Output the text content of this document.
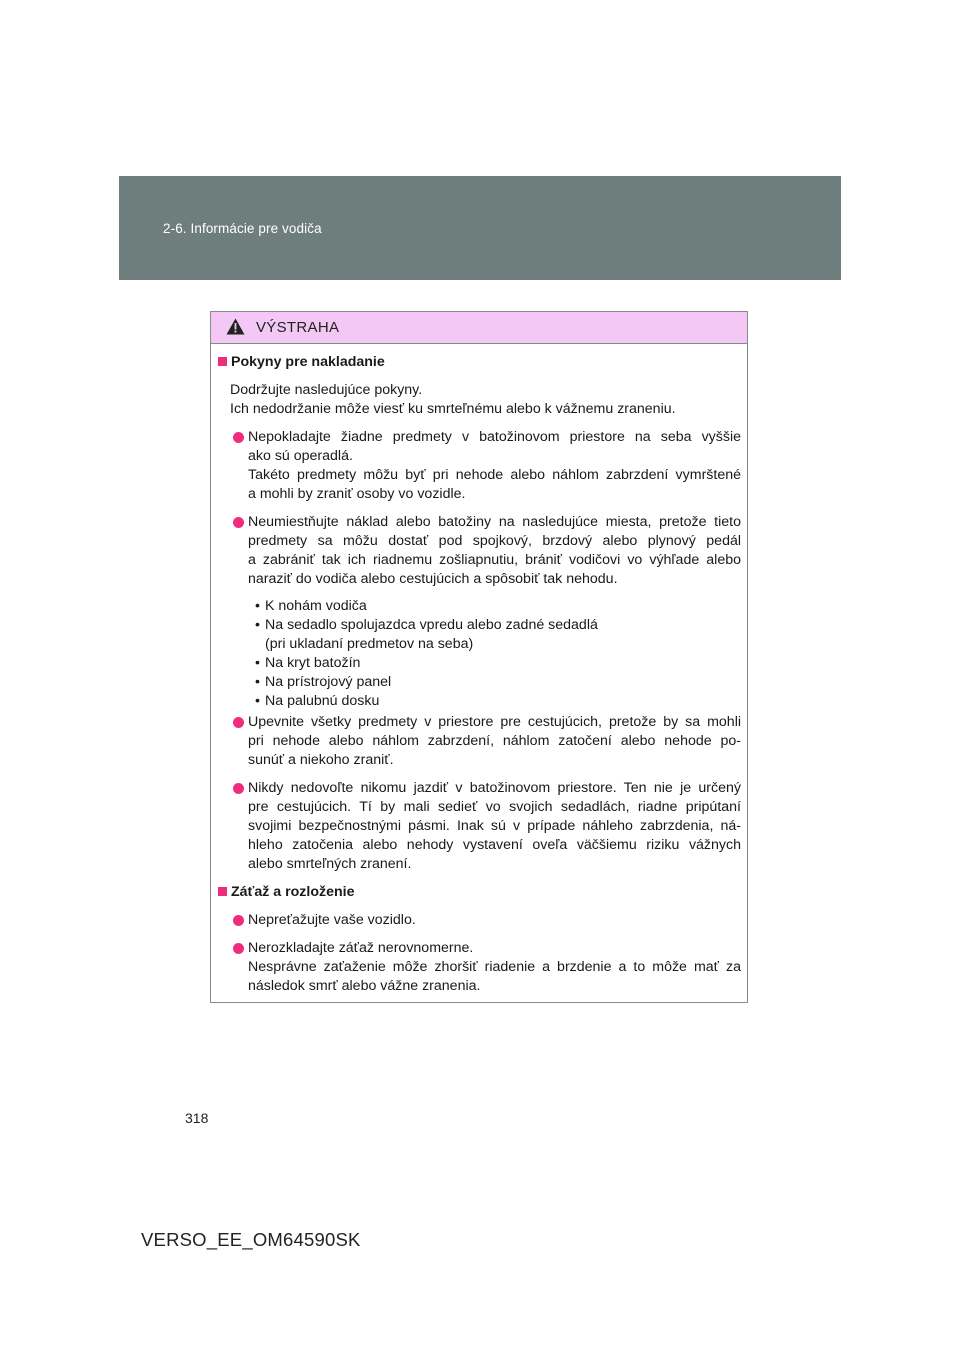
2-6. Informácie pre vodiča
VÝSTRAHA
Pokyny pre nakladanie
Dodržujte nasledujúce pokyny.
Ich nedodržanie môže viesť ku smrteľnému alebo k vážnemu zraneniu.
Nepokladajte žiadne predmety v batožinovom priestore na seba vyššie
ako sú operadlá.
Takéto predmety môžu byť pri nehode alebo náhlom zabrzdení vymrštené
a mohli by zraniť osoby vo vozidle.
Neumiestňujte náklad alebo batožiny na nasledujúce miesta, pretože tieto
predmety sa môžu dostať pod spojkový, brzdový alebo plynový pedál
a zabrániť tak ich riadnemu zošliapnutiu, brániť vodičovi vo výhľade alebo
naraziť do vodiča alebo cestujúcich a spôsobiť tak nehodu.
• K nohám vodiča
• Na sedadlo spolujazdca vpredu alebo zadné sedadlá
(pri ukladaní predmetov na seba)
• Na kryt batožín
• Na prístrojový panel
• Na palubnú dosku
Upevnite všetky predmety v priestore pre cestujúcich, pretože by sa mohli
pri nehode alebo náhlom zabrzdení, náhlom zatočení alebo nehode po-
sunúť a niekoho zraniť.
Nikdy nedovoľte nikomu jazdiť v batožinovom priestore. Ten nie je určený
pre cestujúcich. Tí by mali sedieť vo svojich sedadlách, riadne pripútaní
svojimi bezpečnostnými pásmi. Inak sú v prípade náhleho zabrzdenia, ná-
hleho zatočenia alebo nehody vystavení oveľa väčšiemu riziku vážnych
alebo smrteľných zranení.
Záťaž a rozloženie
Nepreťažujte vaše vozidlo.
Nerozkladajte záťaž nerovnomerne.
Nesprávne zaťaženie môže zhoršiť riadenie a brzdenie a to môže mať za
následok smrť alebo vážne zranenia.
318
VERSO_EE_OM64590SK
